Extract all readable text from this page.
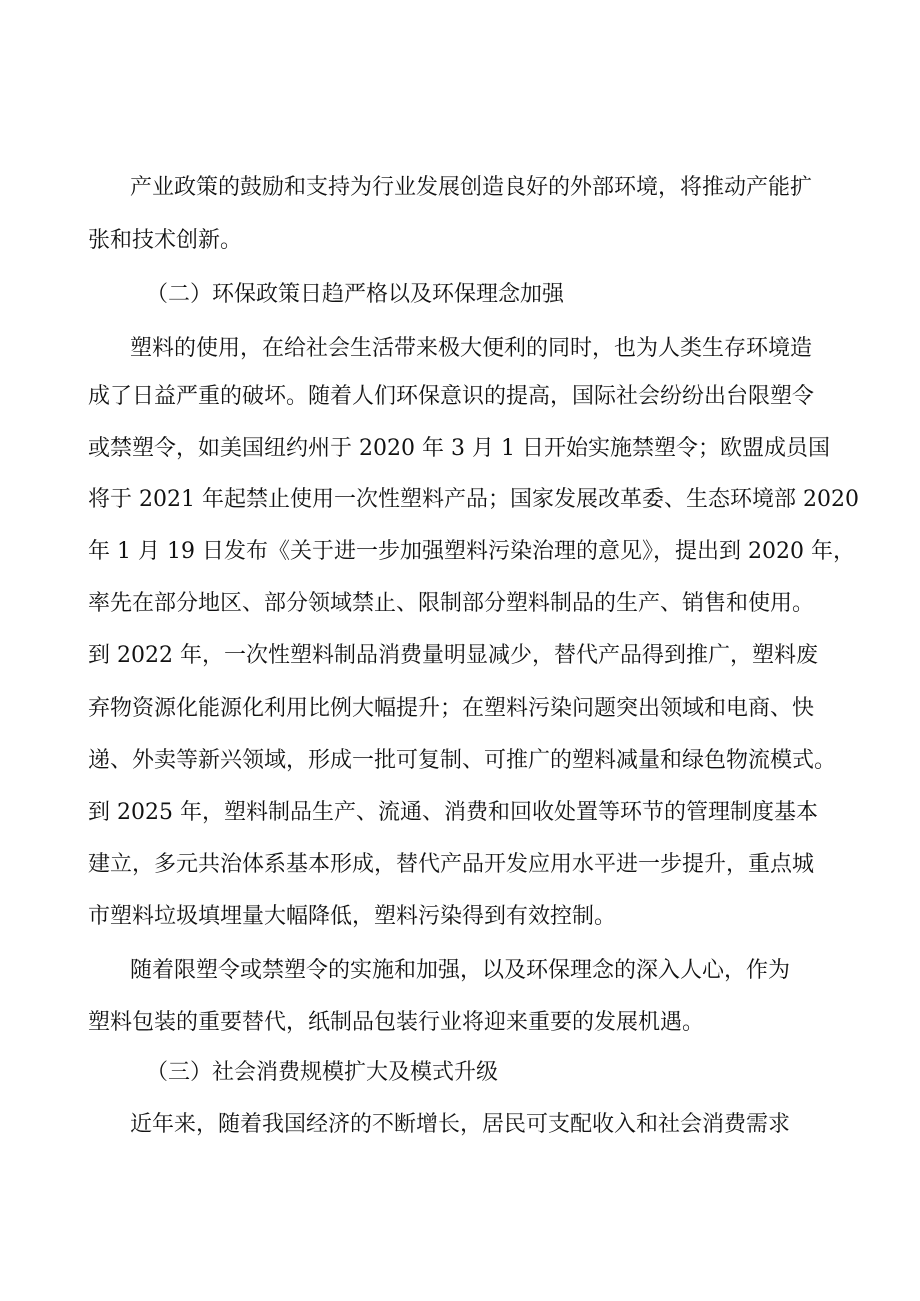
产业政策的鼓励和支持为行业发展创造良好的外部环境，将推动产能扩
张和技术创新。
（二）环保政策日趋严格以及环保理念加强
塑料的使用，在给社会生活带来极大便利的同时，也为人类生存环境造
成了日益严重的破坏。随着人们环保意识的提高，国际社会纷纷出台限塑令
或禁塑令，如美国纽约州于 2020 年 3 月 1 日开始实施禁塑令；欧盟成员国
将于 2021 年起禁止使用一次性塑料产品；国家发展改革委、生态环境部 2020
年 1 月 19 日发布《关于进一步加强塑料污染治理的意见》，提出到 2020 年，
率先在部分地区、部分领域禁止、限制部分塑料制品的生产、销售和使用。
到 2022 年，一次性塑料制品消费量明显减少，替代产品得到推广，塑料废
弃物资源化能源化利用比例大幅提升；在塑料污染问题突出领域和电商、快
递、外卖等新兴领域，形成一批可复制、可推广的塑料减量和绿色物流模式。
到 2025 年，塑料制品生产、流通、消费和回收处置等环节的管理制度基本
建立，多元共治体系基本形成，替代产品开发应用水平进一步提升，重点城
市塑料垃圾填埋量大幅降低，塑料污染得到有效控制。
随着限塑令或禁塑令的实施和加强，以及环保理念的深入人心，作为
塑料包装的重要替代，纸制品包装行业将迎来重要的发展机遇。
（三）社会消费规模扩大及模式升级
近年来，随着我国经济的不断增长，居民可支配收入和社会消费需求
